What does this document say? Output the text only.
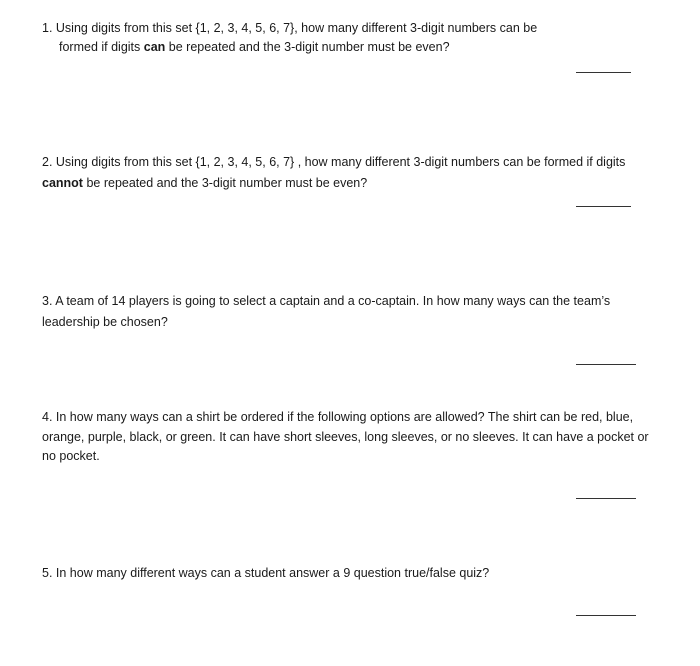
1. Using digits from this set {1, 2, 3, 4, 5, 6, 7}, how many different 3-digit numbers can be
formed if digits can be repeated and the 3-digit number must be even?
2. Using digits from this set {1, 2, 3, 4, 5, 6, 7} , how many different 3-digit numbers can be formed if digits
cannot be repeated and the 3-digit number must be even?
3. A team of 14 players is going to select a captain and a co-captain. In how many ways can the team’s
leadership be chosen?
4. In how many ways can a shirt be ordered if the following options are allowed? The shirt can be red, blue,
orange, purple, black, or green. It can have short sleeves, long sleeves, or no sleeves. It can have a pocket or
no pocket.
5. In how many different ways can a student answer a 9 question true/false quiz?
